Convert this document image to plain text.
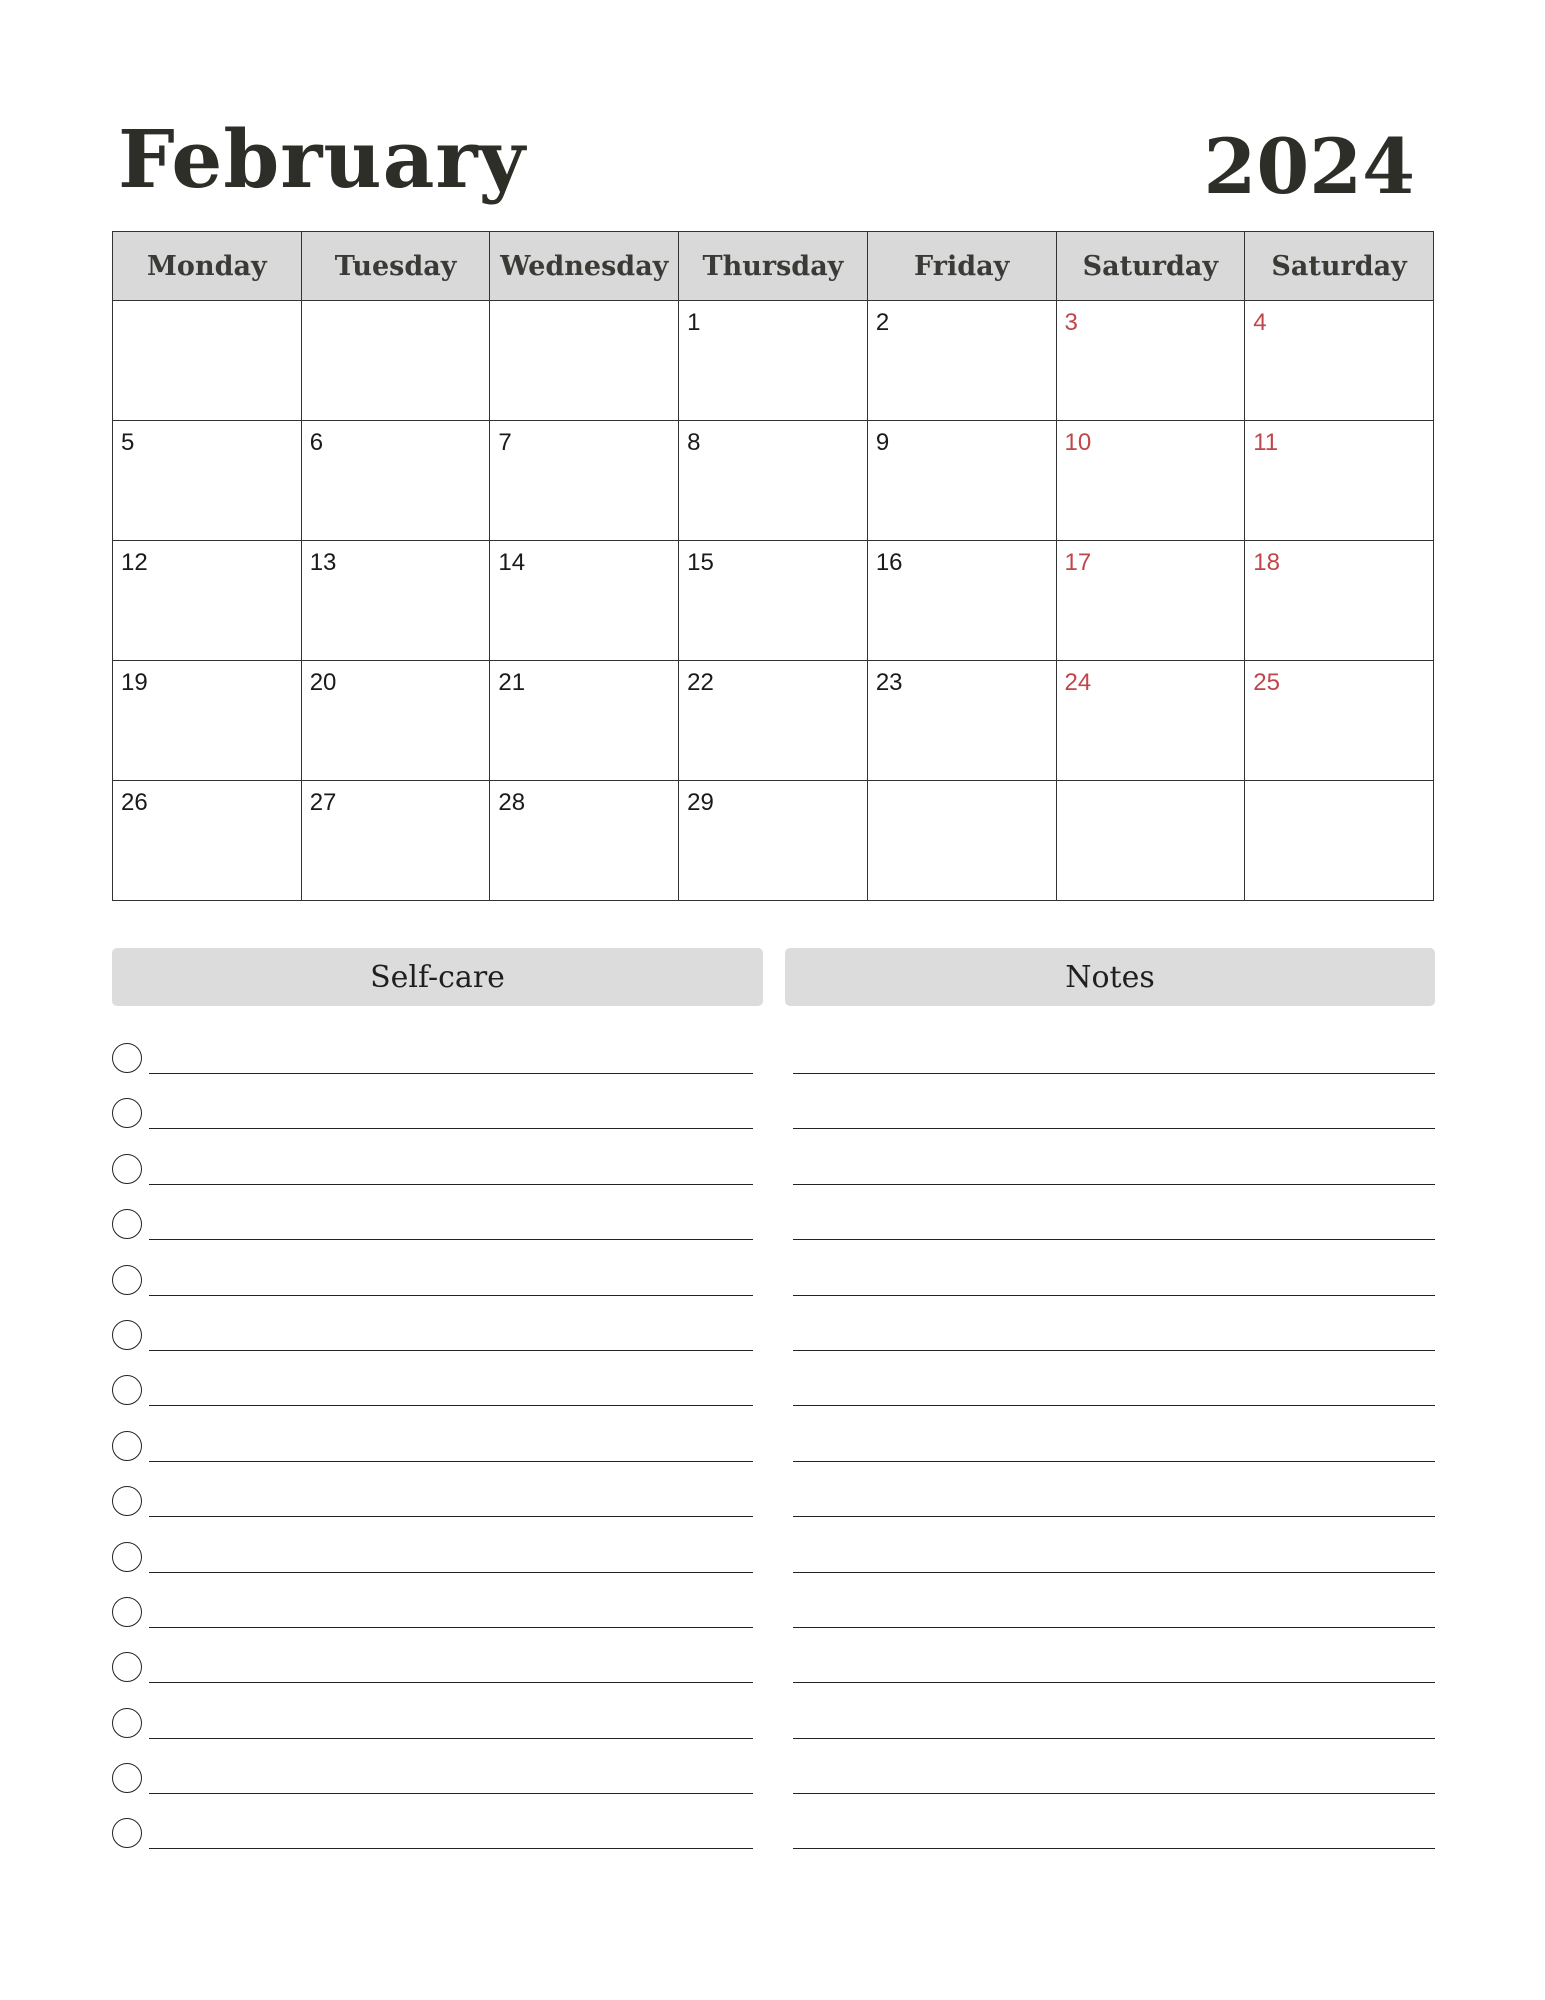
February	2024
Monday	Tuesday	Wednesday	Thursday	Friday	Saturday	Saturday

			1	2	3	4

5	6	7	8	9	10	11

12	13	14	15	16	17	18

19	20	21	22	23	24	25

26	27	28	29			

Self-care	Notes
